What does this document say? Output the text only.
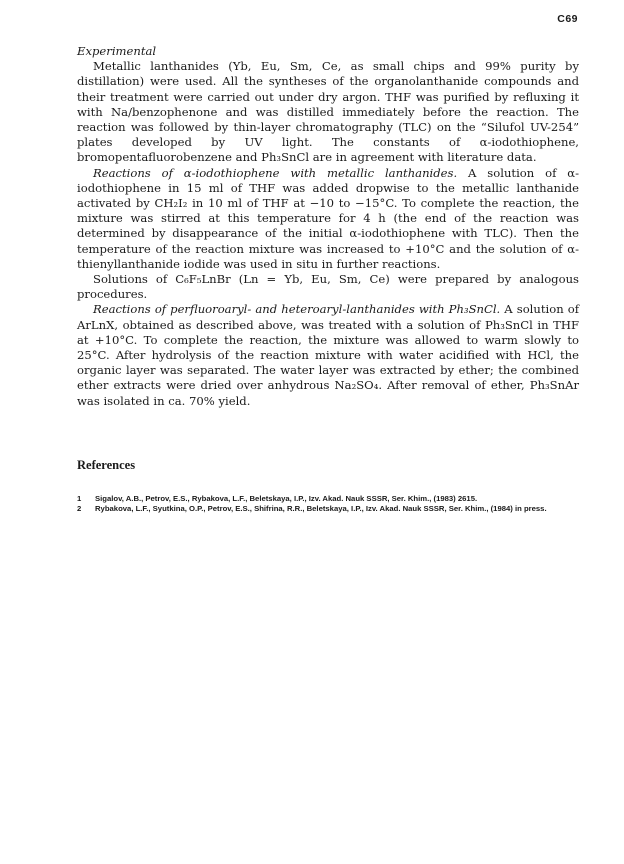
C69

Experimental

Metallic lanthanides (Yb, Eu, Sm, Ce, as small chips and 99% purity by distillation) were used. All the syntheses of the organolanthanide compounds and their treatment were carried out under dry argon. THF was purified by refluxing it with Na/benzophenone and was distilled immediately before the reaction. The reaction was followed by thin-layer chromatography (TLC) on the “Silufol UV-254” plates developed by UV light. The constants of α-iodothiophene, bromopentafluorobenzene and Ph₃SnCl are in agreement with literature data.

Reactions of α-iodothiophene with metallic lanthanides. A solution of α-iodothiophene in 15 ml of THF was added dropwise to the metallic lanthanide activated by CH₂I₂ in 10 ml of THF at −10 to −15°C. To complete the reaction, the mixture was stirred at this temperature for 4 h (the end of the reaction was determined by disappearance of the initial α-iodothiophene with TLC). Then the temperature of the reaction mixture was increased to +10°C and the solution of α-thienyllanthanide iodide was used in situ in further reactions.

Solutions of C₆F₅LnBr (Ln = Yb, Eu, Sm, Ce) were prepared by analogous procedures.

Reactions of perfluoroaryl- and heteroaryl-lanthanides with Ph₃SnCl. A solution of ArLnX, obtained as described above, was treated with a solution of Ph₃SnCl in THF at +10°C. To complete the reaction, the mixture was allowed to warm slowly to 25°C. After hydrolysis of the reaction mixture with water acidified with HCl, the organic layer was separated. The water layer was extracted by ether; the combined ether extracts were dried over anhydrous Na₂SO₄. After removal of ether, Ph₃SnAr was isolated in ca. 70% yield.

References
1	Sigalov, A.B., Petrov, E.S., Rybakova, L.F., Beletskaya, I.P., Izv. Akad. Nauk SSSR, Ser. Khim., (1983) 2615.
2	Rybakova, L.F., Syutkina, O.P., Petrov, E.S., Shifrina, R.R., Beletskaya, I.P., Izv. Akad. Nauk SSSR, Ser. Khim., (1984) in press.
